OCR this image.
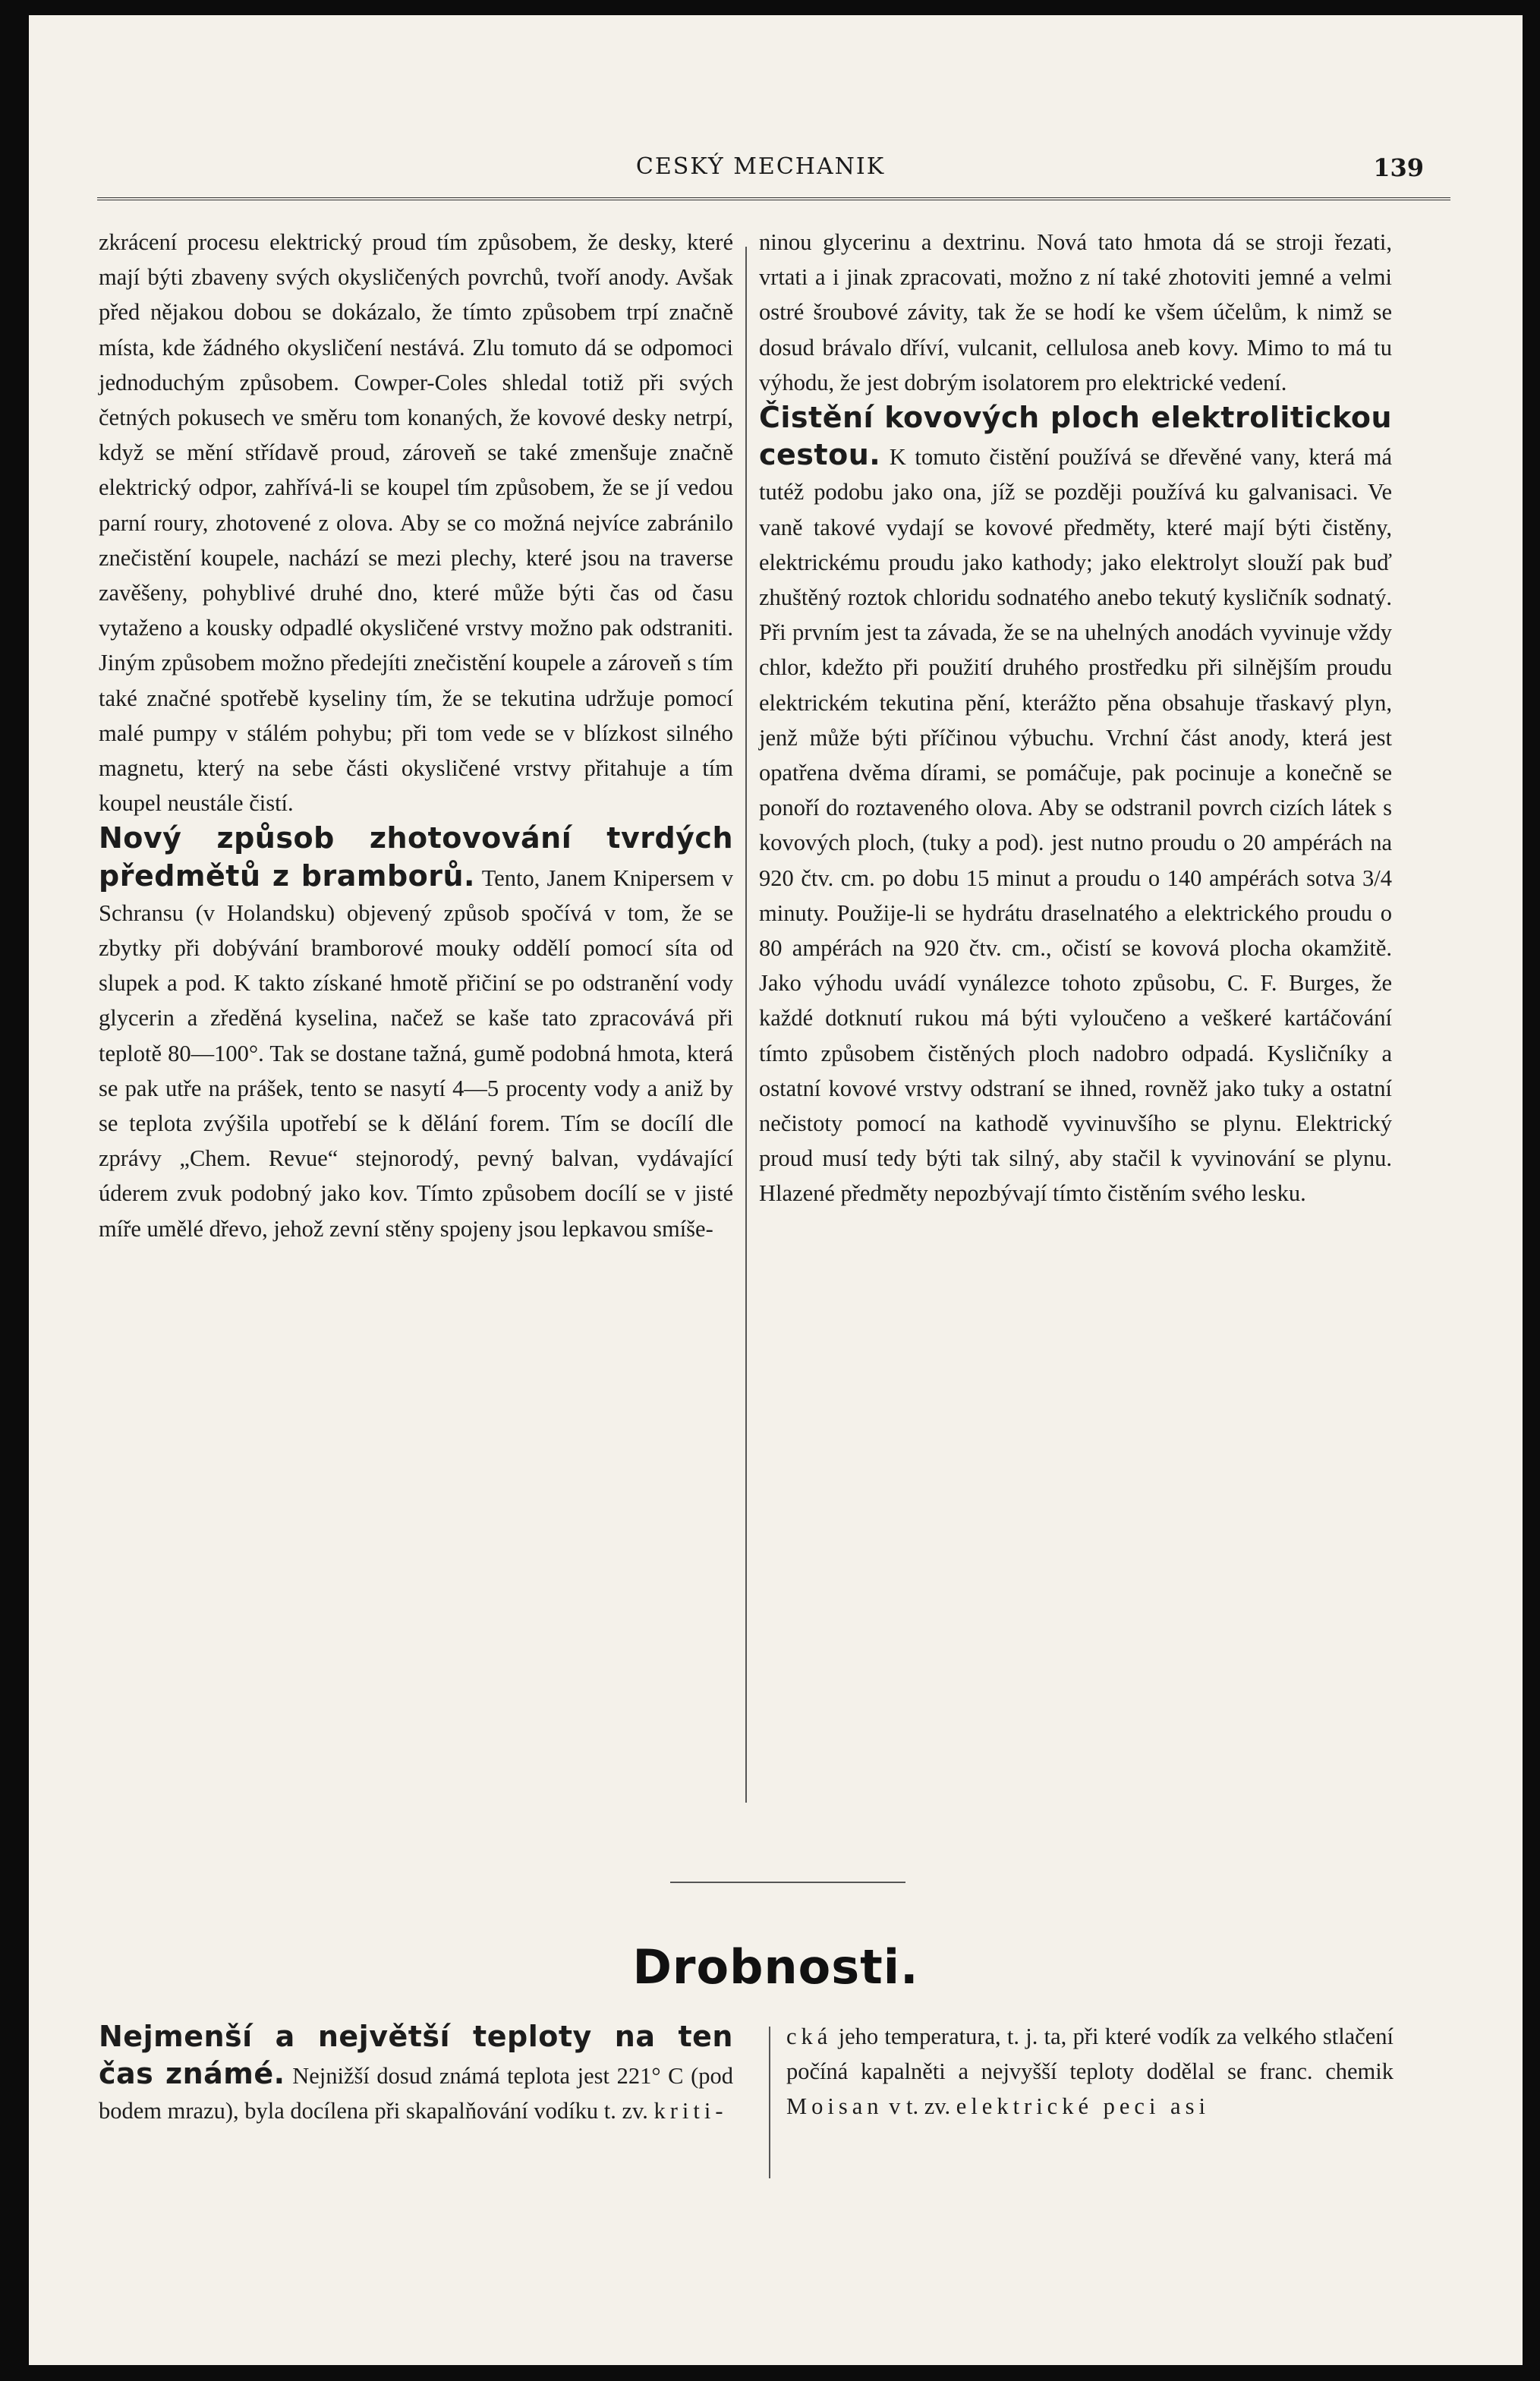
CESKÝ MECHANIK	139

zkrácení procesu elektrický proud tím způsobem, že desky, které mají býti zbaveny svých okysličených povrchů, tvoří anody. Avšak před nějakou dobou se dokázalo, že tímto způsobem trpí značně místa, kde žádného okysličení nestává. Zlu tomuto dá se odpomoci jednoduchým způsobem. Cowper-Coles shledal totiž při svých četných pokusech ve směru tom konaných, že kovové desky netrpí, když se mění střídavě proud, zároveň se také zmenšuje značně elektrický odpor, zahřívá-li se koupel tím způsobem, že se jí vedou parní roury, zhotovené z olova. Aby se co možná nejvíce zabránilo znečistění koupele, nachází se mezi plechy, které jsou na traverse zavěšeny, pohyblivé druhé dno, které může býti čas od času vytaženo a kousky odpadlé okysličené vrstvy možno pak odstraniti. Jiným způsobem možno předejíti znečistění koupele a zároveň s tím také značné spotřebě kyseliny tím, že se tekutina udržuje pomocí malé pumpy v stálém pohybu; při tom vede se v blízkost silného magnetu, který na sebe části okysličené vrstvy přitahuje a tím koupel neustále čistí.

Nový způsob zhotovování tvrdých předmětů z bramborů. Tento, Janem Knipersem v Schransu (v Holandsku) objevený způsob spočívá v tom, že se zbytky při dobývání bramborové mouky oddělí pomocí síta od slupek a pod. K takto získané hmotě přičiní se po odstranění vody glycerin a zředěná kyselina, načež se kaše tato zpracovává při teplotě 80—100°. Tak se dostane tažná, gumě podobná hmota, která se pak utře na prášek, tento se nasytí 4—5 procenty vody a aniž by se teplota zvýšila upotřebí se k dělání forem. Tím se docílí dle zprávy „Chem. Revue“ stejnorodý, pevný balvan, vydávající úderem zvuk podobný jako kov. Tímto způsobem docílí se v jisté míře umělé dřevo, jehož zevní stěny spojeny jsou lepkavou smíše-

ninou glycerinu a dextrinu. Nová tato hmota dá se stroji řezati, vrtati a i jinak zpracovati, možno z ní také zhotoviti jemné a velmi ostré šroubové závity, tak že se hodí ke všem účelům, k nimž se dosud brávalo dříví, vulcanit, cellulosa aneb kovy. Mimo to má tu výhodu, že jest dobrým isolatorem pro elektrické vedení.

Čistění kovových ploch elektrolitickou cestou. K tomuto čistění používá se dřevěné vany, která má tutéž podobu jako ona, jíž se později používá ku galvanisaci. Ve vaně takové vydají se kovové předměty, které mají býti čistěny, elektrickému proudu jako kathody; jako elektrolyt slouží pak buď zhuštěný roztok chloridu sodnatého anebo tekutý kysličník sodnatý. Při prvním jest ta závada, že se na uhelných anodách vyvinuje vždy chlor, kdežto při použití druhého prostředku při silnějším proudu elektrickém tekutina pění, kterážto pěna obsahuje třaskavý plyn, jenž může býti příčinou výbuchu. Vrchní část anody, která jest opatřena dvěma dírami, se pomáčuje, pak pocinuje a konečně se ponoří do roztaveného olova. Aby se odstranil povrch cizích látek s kovových ploch, (tuky a pod). jest nutno proudu o 20 ampérách na 920 čtv. cm. po dobu 15 minut a proudu o 140 ampérách sotva 3/4 minuty. Použije-li se hydrátu draselnatého a elektrického proudu o 80 ampérách na 920 čtv. cm., očistí se kovová plocha okamžitě. Jako výhodu uvádí vynálezce tohoto způsobu, C. F. Burges, že každé dotknutí rukou má býti vyloučeno a veškeré kartáčování tímto způsobem čistěných ploch nadobro odpadá. Kysličníky a ostatní kovové vrstvy odstraní se ihned, rovněž jako tuky a ostatní nečistoty pomocí na kathodě vyvinuvšího se plynu. Elektrický proud musí tedy býti tak silný, aby stačil k vyvinování se plynu. Hlazené předměty nepozbývají tímto čistěním svého lesku.

Drobnosti.

Nejmenší a největší teploty na ten čas známé. Nejnižší dosud známá teplota jest 221° C (pod bodem mrazu), byla docílena při skapalňování vodíku t. zv. kriti-

cká jeho temperatura, t. j. ta, při které vodík za velkého stlačení počíná kapalněti a nejvyšší teploty dodělal se franc. chemik Moisan v t. zv. elektrické peci asi
